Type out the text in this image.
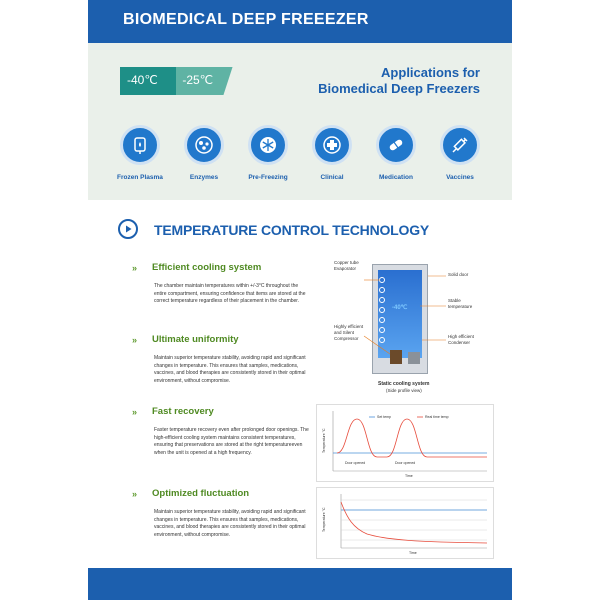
BIOMEDICAL DEEP FREEEZER
-25℃
-40℃	Applications for
Biomedical Deep Freezers
Frozen Plasma	Enzymes	Pre-Freezing	Clinical	Medication	Vaccines
TEMPERATURE CONTROL TECHNOLOGY
» Efficient cooling system
The chamber maintain temperatures within +/-3°C throughout the entire compartment, ensuring confidence that items are stored at the correct temperature regardless of their placement in the chamber.
» Ultimate uniformity
Maintain superior temperature stability, avoiding rapid and significant changes in temperature. This ensures that samples, medications, vaccines, and blood therapies are consistently stored in their optimal environment, without compromise.
» Fast recovery
Faster temperature recovery even after prolonged door openings. The high-efficient cooling system maintains consistent temperatures, ensuring that preservations are stored at the right temperatureeven when the unit is opened at a high frequency.
» Optimized fluctuation
Maintain superior temperature stability, avoiding rapid and significant changes in temperature. This ensures that samples, medications, vaccines, and blood therapies are consistently stored in their optimal environment, without compromise.
Copper tube
Evaporator
Solid door
Stable
temperature
Highly efficient
and Silent
Compressor	High efficient
Condenser
-40℃
Static cooling system
(Side profile view)
Temperature °C
Set temp	Real time temp
Door opened	Door opened
Time
Temperature °C
Time
